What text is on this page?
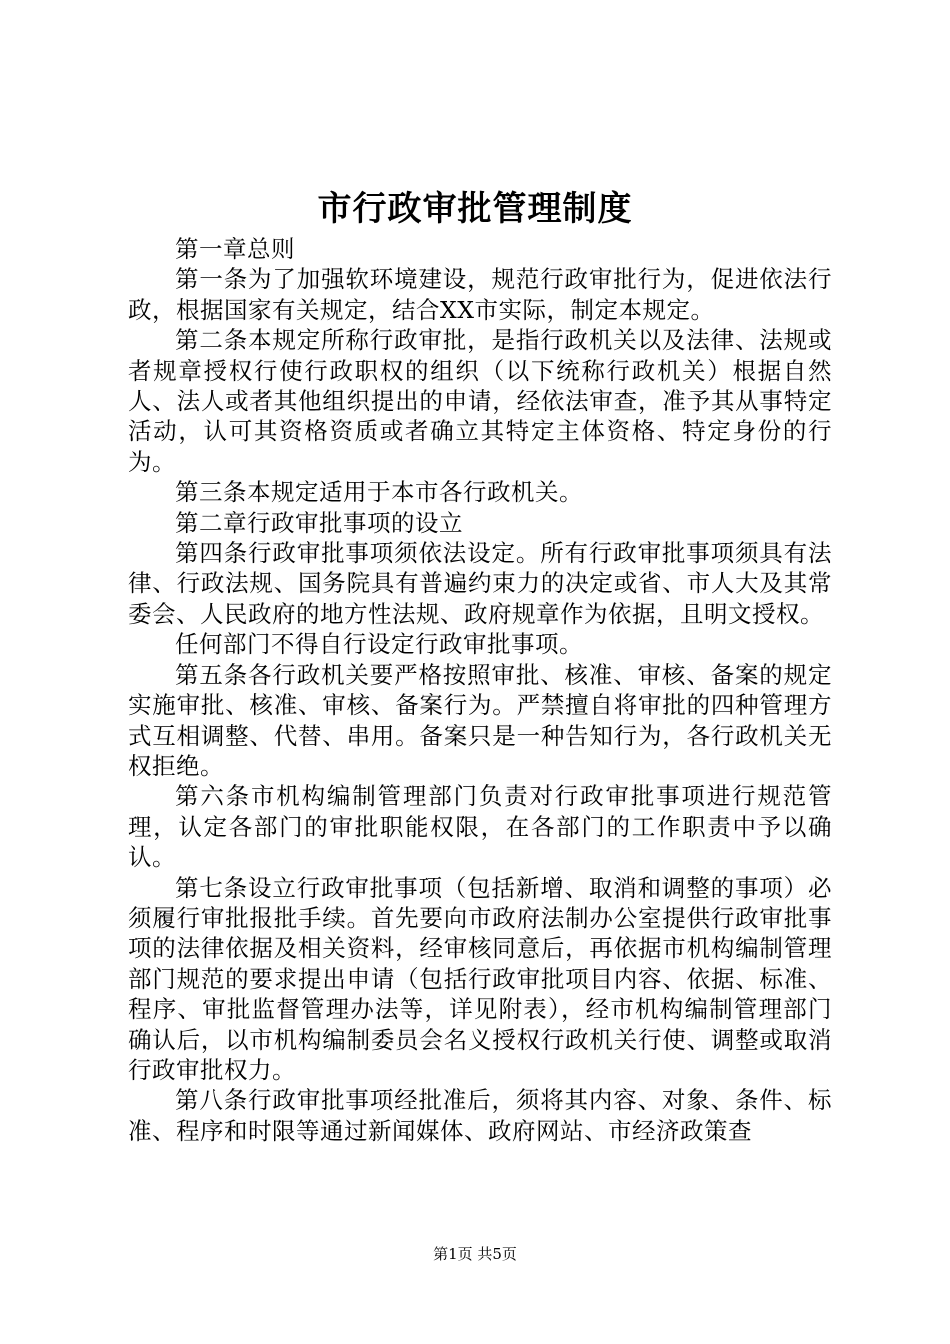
市行政审批管理制度

第一章总则

第一条为了加强软环境建设，规范行政审批行为，促进依法行政，根据国家有关规定，结合XX市实际，制定本规定。

第二条本规定所称行政审批，是指行政机关以及法律、法规或者规章授权行使行政职权的组织（以下统称行政机关）根据自然人、法人或者其他组织提出的申请，经依法审查，准予其从事特定活动，认可其资格资质或者确立其特定主体资格、特定身份的行为。

第三条本规定适用于本市各行政机关。

第二章行政审批事项的设立

第四条行政审批事项须依法设定。所有行政审批事项须具有法律、行政法规、国务院具有普遍约束力的决定或省、市人大及其常委会、人民政府的地方性法规、政府规章作为依据，且明文授权。

任何部门不得自行设定行政审批事项。

第五条各行政机关要严格按照审批、核准、审核、备案的规定实施审批、核准、审核、备案行为。严禁擅自将审批的四种管理方式互相调整、代替、串用。备案只是一种告知行为，各行政机关无权拒绝。

第六条市机构编制管理部门负责对行政审批事项进行规范管理，认定各部门的审批职能权限，在各部门的工作职责中予以确认。

第七条设立行政审批事项（包括新增、取消和调整的事项）必须履行审批报批手续。首先要向市政府法制办公室提供行政审批事项的法律依据及相关资料，经审核同意后，再依据市机构编制管理部门规范的要求提出申请（包括行政审批项目内容、依据、标准、程序、审批监督管理办法等，详见附表），经市机构编制管理部门确认后，以市机构编制委员会名义授权行政机关行使、调整或取消行政审批权力。

第八条行政审批事项经批准后，须将其内容、对象、条件、标准、程序和时限等通过新闻媒体、政府网站、市经济政策查

第1页 共5页
